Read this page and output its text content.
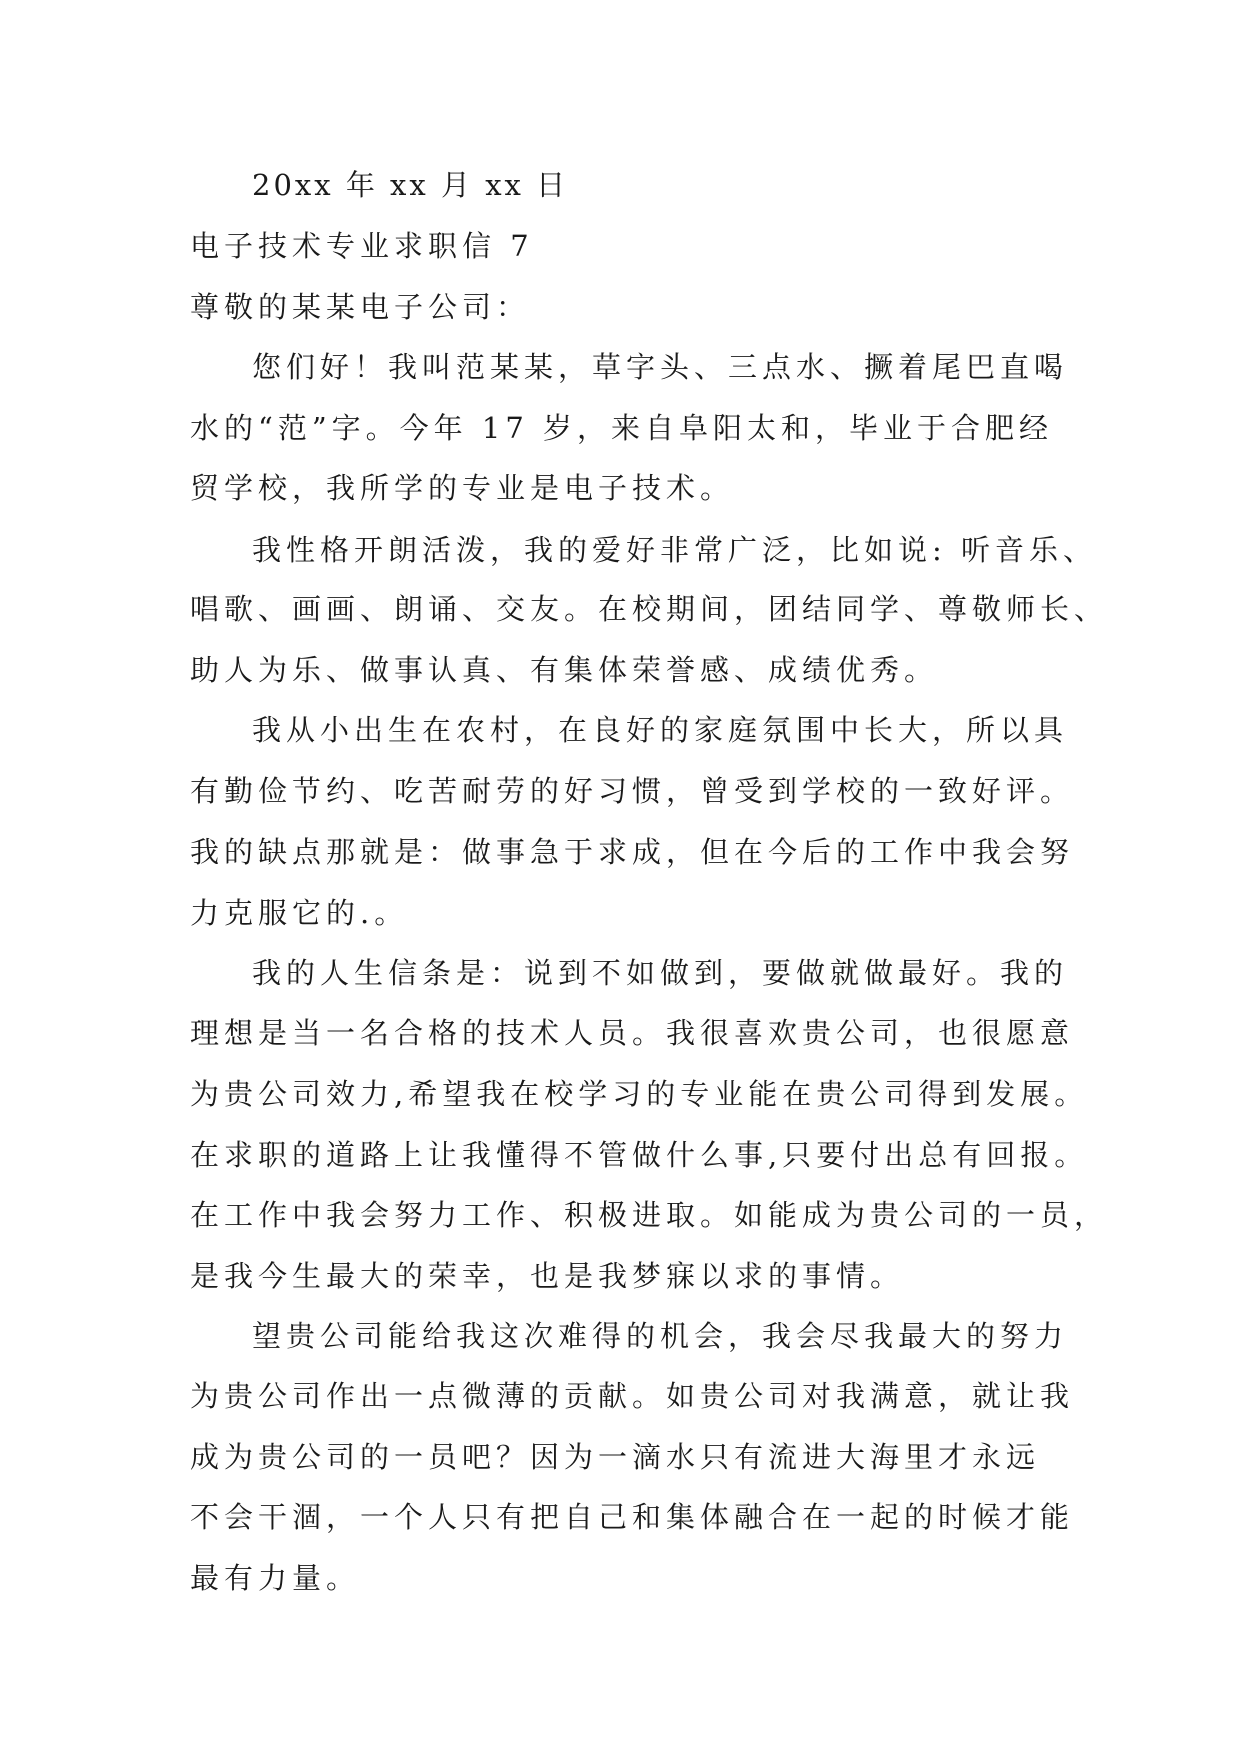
20xx 年 xx 月 xx 日
电子技术专业求职信 7
尊敬的某某电子公司：
您们好！我叫范某某，草字头、三点水、撅着尾巴直喝
水的“范”字。今年 17 岁，来自阜阳太和，毕业于合肥经
贸学校，我所学的专业是电子技术。
我性格开朗活泼，我的爱好非常广泛，比如说: 听音乐、
唱歌、画画、朗诵、交友。在校期间，团结同学、尊敬师长、
助人为乐、做事认真、有集体荣誉感、成绩优秀。
我从小出生在农村，在良好的家庭氛围中长大，所以具
有勤俭节约、吃苦耐劳的好习惯，曾受到学校的一致好评。
我的缺点那就是：做事急于求成，但在今后的工作中我会努
力克服它的.。
我的人生信条是：说到不如做到，要做就做最好。我的
理想是当一名合格的技术人员。我很喜欢贵公司，也很愿意
为贵公司效力,希望我在校学习的专业能在贵公司得到发展。
在求职的道路上让我懂得不管做什么事,只要付出总有回报。
在工作中我会努力工作、积极进取。如能成为贵公司的一员，
是我今生最大的荣幸，也是我梦寐以求的事情。
望贵公司能给我这次难得的机会，我会尽我最大的努力
为贵公司作出一点微薄的贡献。如贵公司对我满意，就让我
成为贵公司的一员吧？因为一滴水只有流进大海里才永远
不会干涸，一个人只有把自己和集体融合在一起的时候才能
最有力量。
